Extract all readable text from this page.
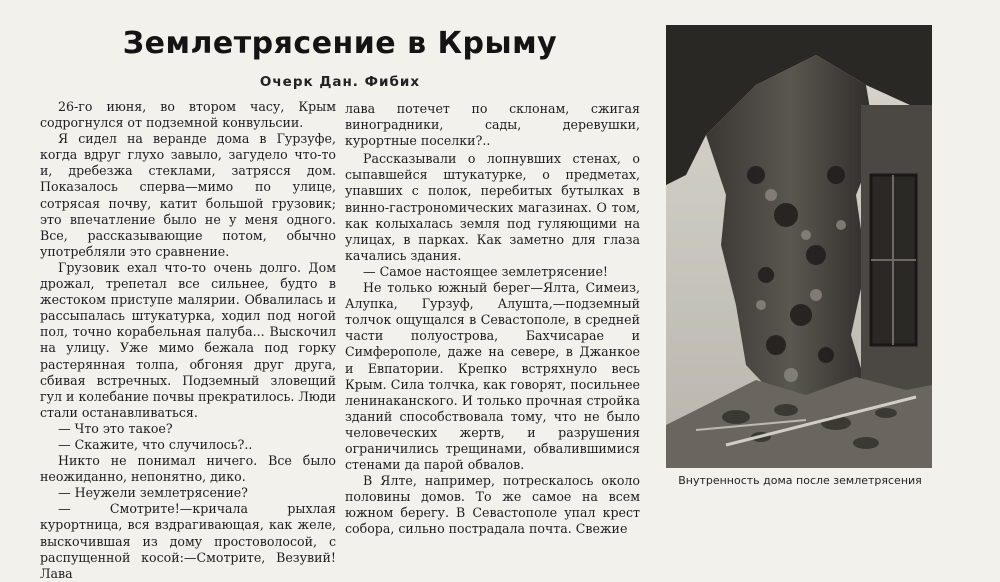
Землетрясение в Крыму
Очерк Дан. Фибих

26-го июня, во втором часу, Крым содрогнулся от подземной конвульсии.

Я сидел на веранде дома в Гурзуфе, когда вдруг глухо завыло, загудело что-то и, дребезжа стеклами, затрясся дом. Показалось сперва—мимо по улице, сотрясая почву, катит большой грузовик; это впечатление было не у меня одного. Все, рассказывающие потом, обычно употребляли это сравнение.

Грузовик ехал что-то очень долго. Дом дрожал, трепетал все сильнее, будто в жестоком приступе малярии. Обвалилась и рассыпалась штукатурка, ходил под ногой пол, точно корабельная палуба... Выскочил на улицу. Уже мимо бежала под горку растерянная толпа, обгоняя друг друга, сбивая встречных. Подземный зловещий гул и колебание почвы прекратилось. Люди стали останавливаться.

— Что это такое?

— Скажите, что случилось?..

Никто не понимал ничего. Все было неожиданно, непонятно, дико.

— Неужели землетрясение?

— Смотрите!—кричала рыхлая курортница, вся вздрагивающая, как желе, выскочившая из дому простоволосой, с распущенной косой:—Смотрите, Везувий! Лава

лава потечет по склонам, сжигая виноградники, сады, деревушки, курортные поселки?..

Рассказывали о лопнувших стенах, о сыпавшейся штукатурке, о предметах, упавших с полок, перебитых бутылках в винно-гастрономических магазинах. О том, как колыхалась земля под гуляющими на улицах, в парках. Как заметно для глаза качались здания.

— Самое настоящее землетрясение!

Не только южный берег—Ялта, Симеиз, Алупка, Гурзуф, Алушта,—подземный толчок ощущался в Севастополе, в средней части полуострова, Бахчисарае и Симферополе, даже на севере, в Джанкое и Евпатории. Крепко встряхнуло весь Крым. Сила толчка, как говорят, посильнее ленинаканского. И только прочная стройка зданий способствовала тому, что не было человеческих жертв, и разрушения ограничились трещинами, обвалившимися стенами да парой обвалов.

В Ялте, например, потрескалось около половины домов. То же самое на всем южном берегу. В Севастополе упал крест собора, сильно пострадала почта. Свежие

Внутренность дома после землетрясения
